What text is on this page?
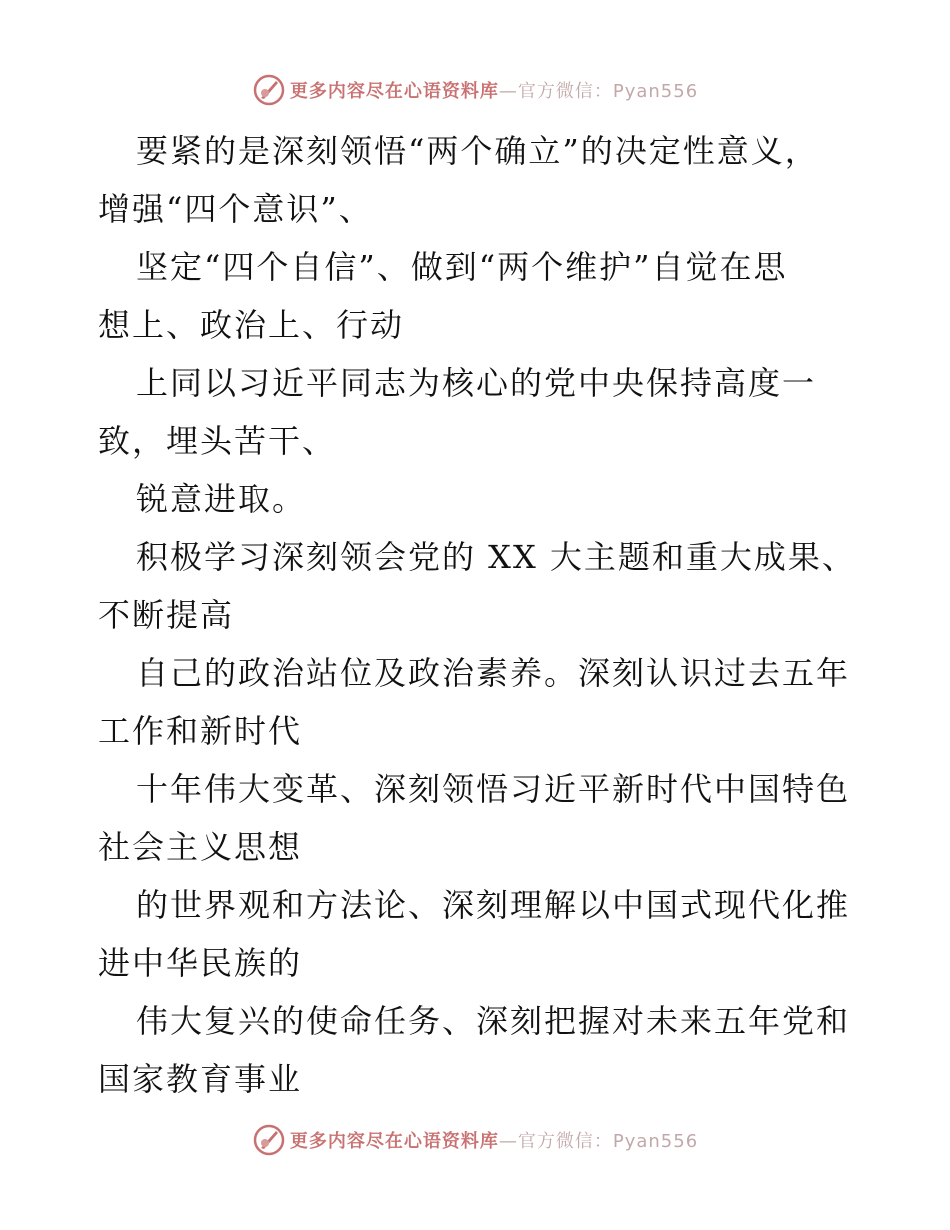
更多内容尽在心语资料库—官方微信：Pyan556

要紧的是深刻领悟“两个确立”的决定性意义，
增强“四个意识”、

坚定“四个自信”、做到“两个维护”自觉在思
想上、政治上、行动

上同以习近平同志为核心的党中央保持高度一
致，埋头苦干、

锐意进取。

积极学习深刻领会党的 XX 大主题和重大成果、
不断提高

自己的政治站位及政治素养。深刻认识过去五年
工作和新时代

十年伟大变革、深刻领悟习近平新时代中国特色
社会主义思想

的世界观和方法论、深刻理解以中国式现代化推
进中华民族的

伟大复兴的使命任务、深刻把握对未来五年党和
国家教育事业

更多内容尽在心语资料库—官方微信：Pyan556
